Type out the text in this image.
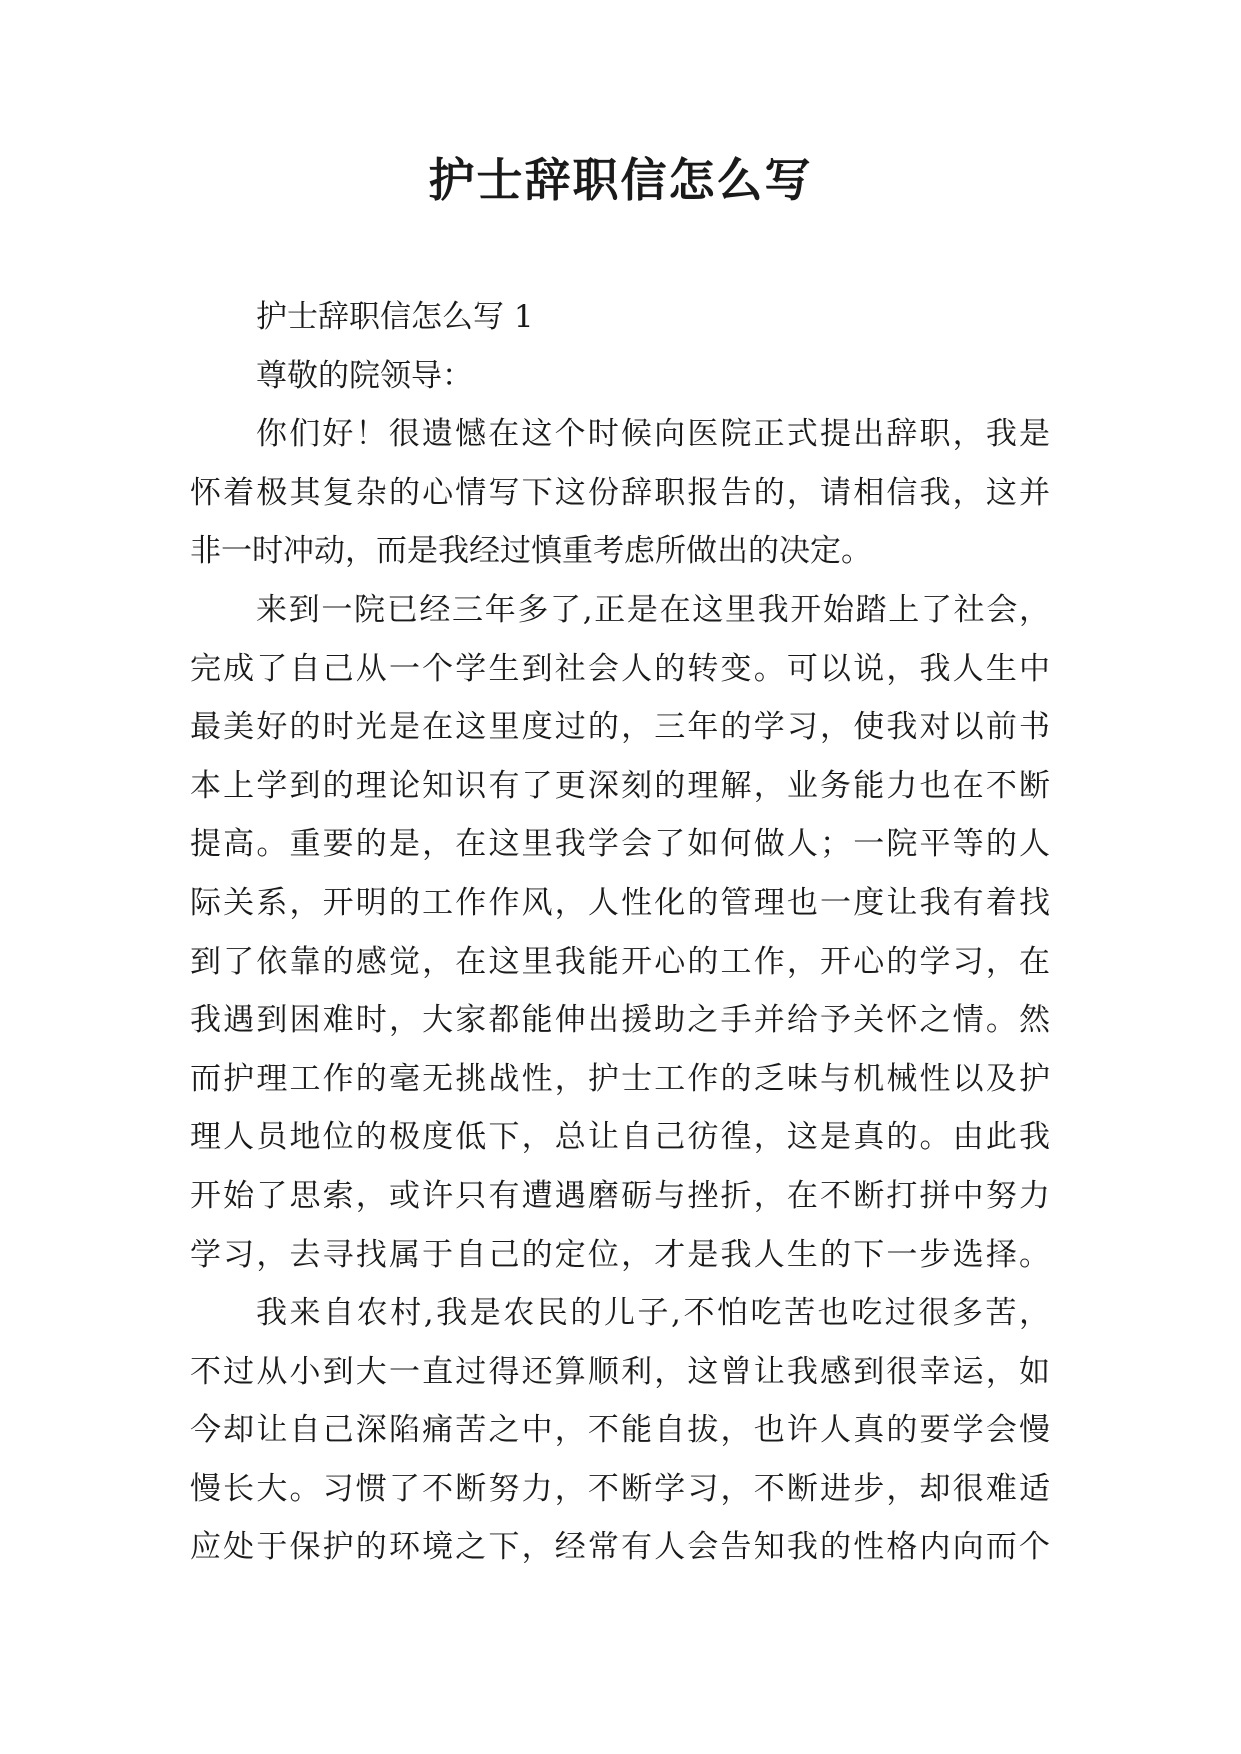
护士辞职信怎么写
护士辞职信怎么写 1
尊敬的院领导：
你们好！很遗憾在这个时候向医院正式提出辞职，我是
怀着极其复杂的心情写下这份辞职报告的，请相信我，这并
非一时冲动，而是我经过慎重考虑所做出的决定。
来到一院已经三年多了,正是在这里我开始踏上了社会，
完成了自己从一个学生到社会人的转变。可以说，我人生中
最美好的时光是在这里度过的，三年的学习，使我对以前书
本上学到的理论知识有了更深刻的理解，业务能力也在不断
提高。重要的是，在这里我学会了如何做人；一院平等的人
际关系，开明的工作作风，人性化的管理也一度让我有着找
到了依靠的感觉，在这里我能开心的工作，开心的学习，在
我遇到困难时，大家都能伸出援助之手并给予关怀之情。然
而护理工作的毫无挑战性，护士工作的乏味与机械性以及护
理人员地位的极度低下，总让自己彷徨，这是真的。由此我
开始了思索，或许只有遭遇磨砺与挫折，在不断打拼中努力
学习，去寻找属于自己的定位，才是我人生的下一步选择。
我来自农村,我是农民的儿子,不怕吃苦也吃过很多苦，
不过从小到大一直过得还算顺利，这曾让我感到很幸运，如
今却让自己深陷痛苦之中，不能自拔，也许人真的要学会慢
慢长大。习惯了不断努力，不断学习，不断进步，却很难适
应处于保护的环境之下，经常有人会告知我的性格内向而个
